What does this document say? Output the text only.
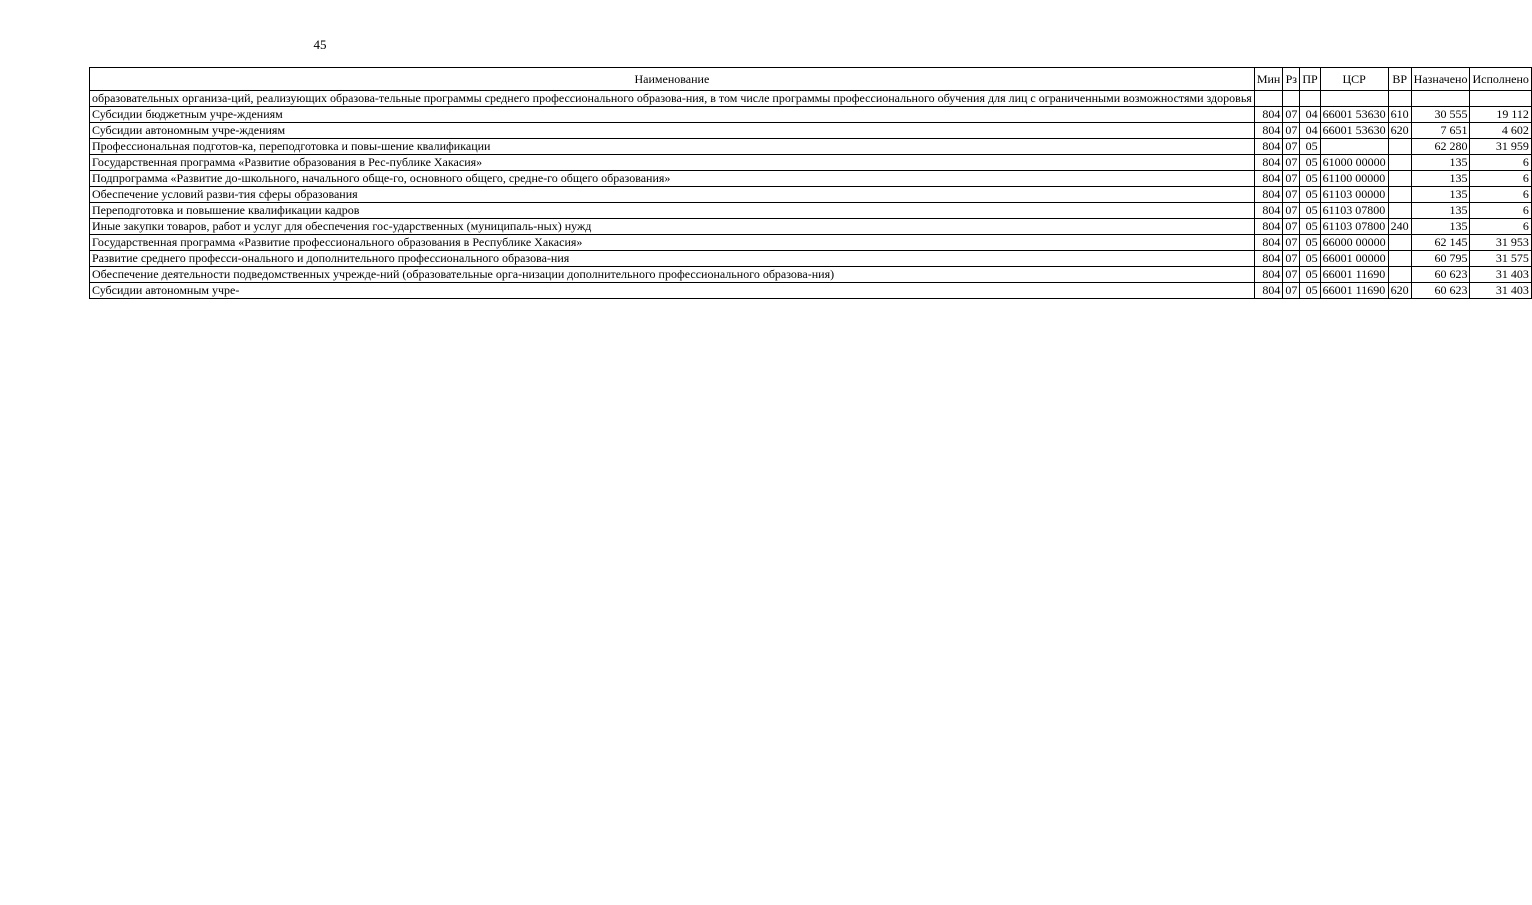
45
Наименование	Мин	Рз	ПР	ЦСР	ВР	Назначено	Исполнено
образовательных организа-ций, реализующих образова-тельные программы среднего профессионального образова-ния, в том числе программы профессионального обучения для лиц с ограниченными возможностями здоровья							
Субсидии бюджетным учре-ждениям	804	07	04	66001 53630	610	30 555	19 112
Субсидии автономным учре-ждениям	804	07	04	66001 53630	620	7 651	4 602
Профессиональная подготов-ка, переподготовка и повы-шение квалификации	804	07	05			62 280	31 959
Государственная программа «Развитие образования в Рес-публике Хакасия»	804	07	05	61000 00000		135	6
Подпрограмма «Развитие до-школьного, начального обще-го, основного общего, средне-го общего образования»	804	07	05	61100 00000		135	6
Обеспечение условий разви-тия сферы образования	804	07	05	61103 00000		135	6
Переподготовка и повышение квалификации кадров	804	07	05	61103 07800		135	6
Иные закупки товаров, работ и услуг для обеспечения гос-ударственных (муниципаль-ных) нужд	804	07	05	61103 07800	240	135	6
Государственная программа «Развитие профессионального образования в Республике Хакасия»	804	07	05	66000 00000		62 145	31 953
Развитие среднего професси-онального и дополнительного профессионального образова-ния	804	07	05	66001 00000		60 795	31 575
Обеспечение деятельности подведомственных учрежде-ний (образовательные орга-низации дополнительного профессионального образова-ния)	804	07	05	66001 11690		60 623	31 403
Субсидии автономным учре-	804	07	05	66001 11690	620	60 623	31 403
